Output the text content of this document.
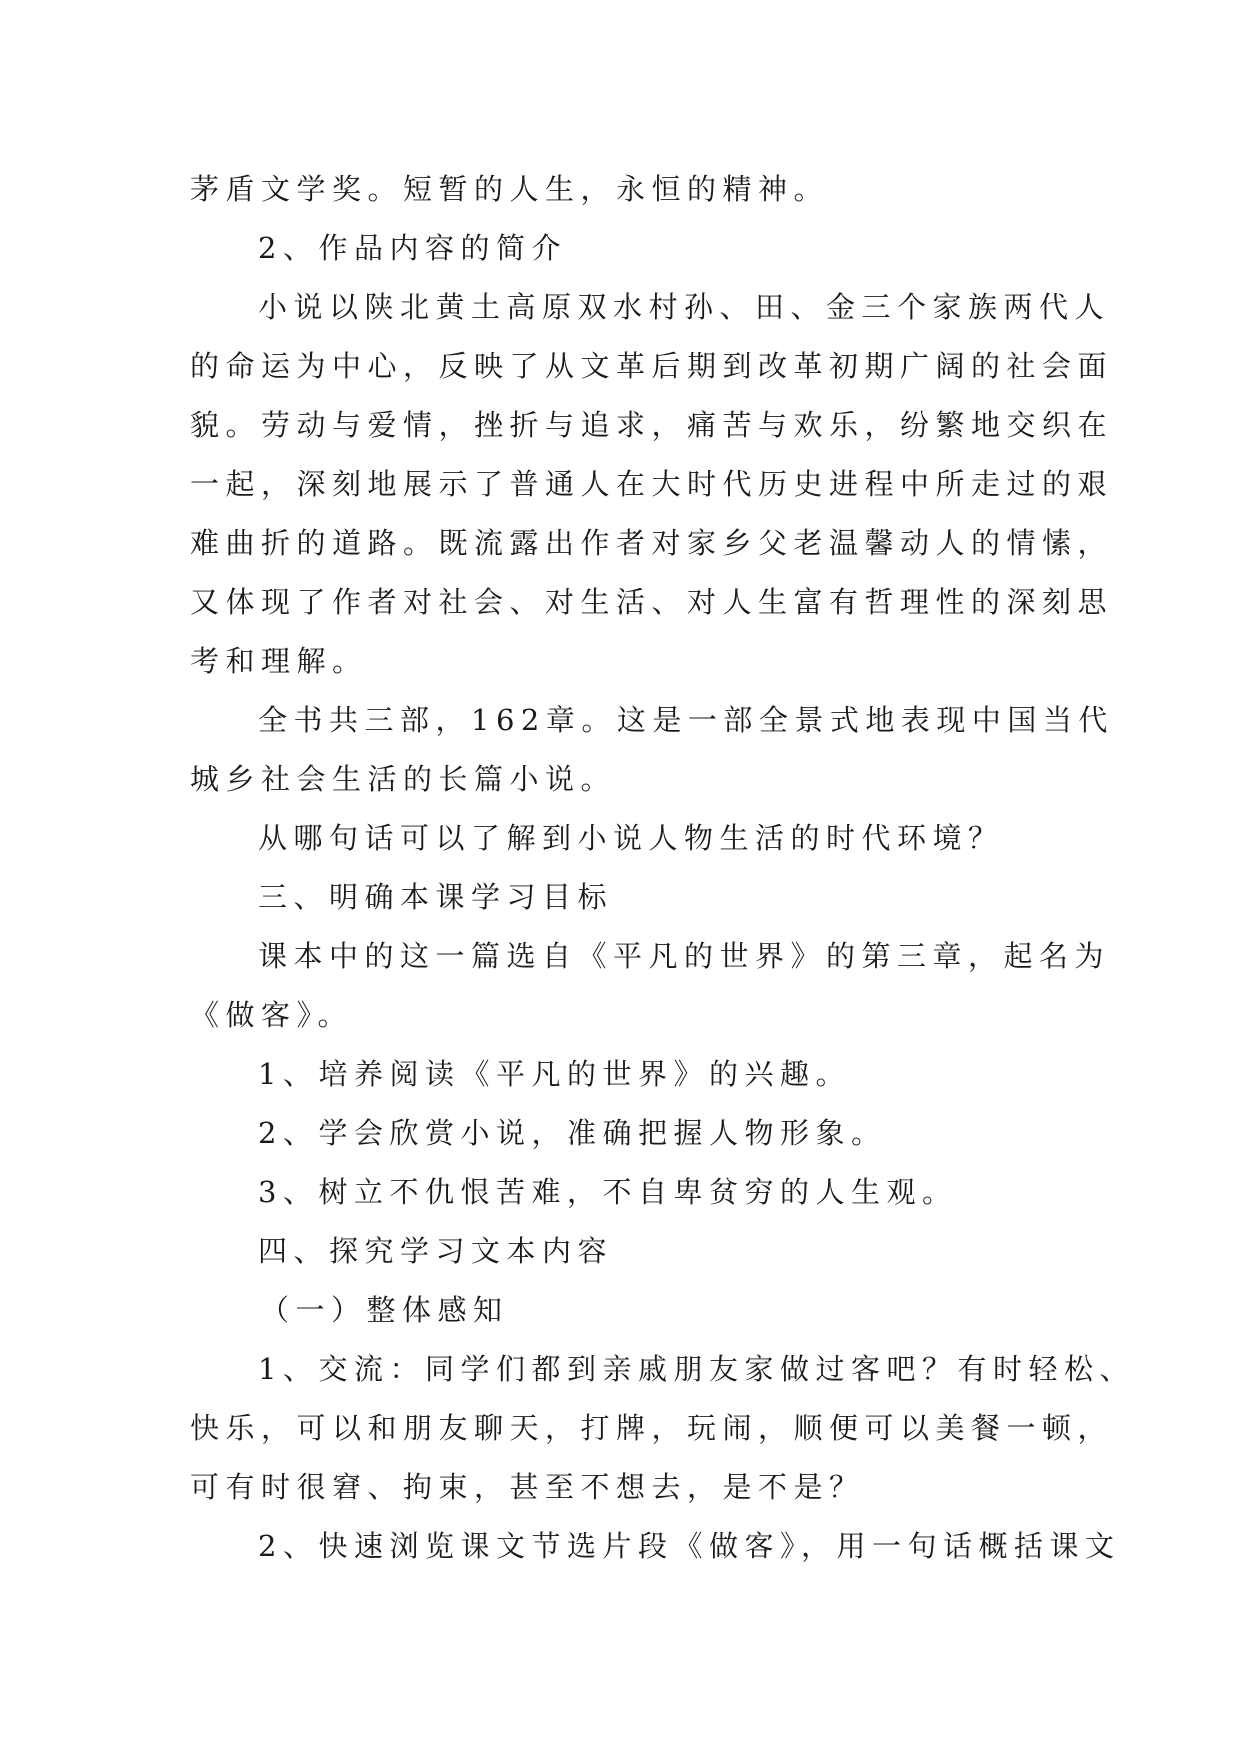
茅盾文学奖。短暂的人生，永恒的精神。

2、作品内容的简介

小说以陕北黄土高原双水村孙、田、金三个家族两代人

的命运为中心，反映了从文革后期到改革初期广阔的社会面

貌。劳动与爱情，挫折与追求，痛苦与欢乐，纷繁地交织在

一起，深刻地展示了普通人在大时代历史进程中所走过的艰

难曲折的道路。既流露出作者对家乡父老温馨动人的情愫，

又体现了作者对社会、对生活、对人生富有哲理性的深刻思

考和理解。

全书共三部，162章。这是一部全景式地表现中国当代

城乡社会生活的长篇小说。

从哪句话可以了解到小说人物生活的时代环境？

三、明确本课学习目标

课本中的这一篇选自《平凡的世界》的第三章，起名为

《做客》。

1、培养阅读《平凡的世界》的兴趣。

2、学会欣赏小说，准确把握人物形象。

3、树立不仇恨苦难，不自卑贫穷的人生观。

四、探究学习文本内容

（一）整体感知

1、交流：同学们都到亲戚朋友家做过客吧？有时轻松、

快乐，可以和朋友聊天，打牌，玩闹，顺便可以美餐一顿，

可有时很窘、拘束，甚至不想去，是不是？

2、快速浏览课文节选片段《做客》，用一句话概括课文
